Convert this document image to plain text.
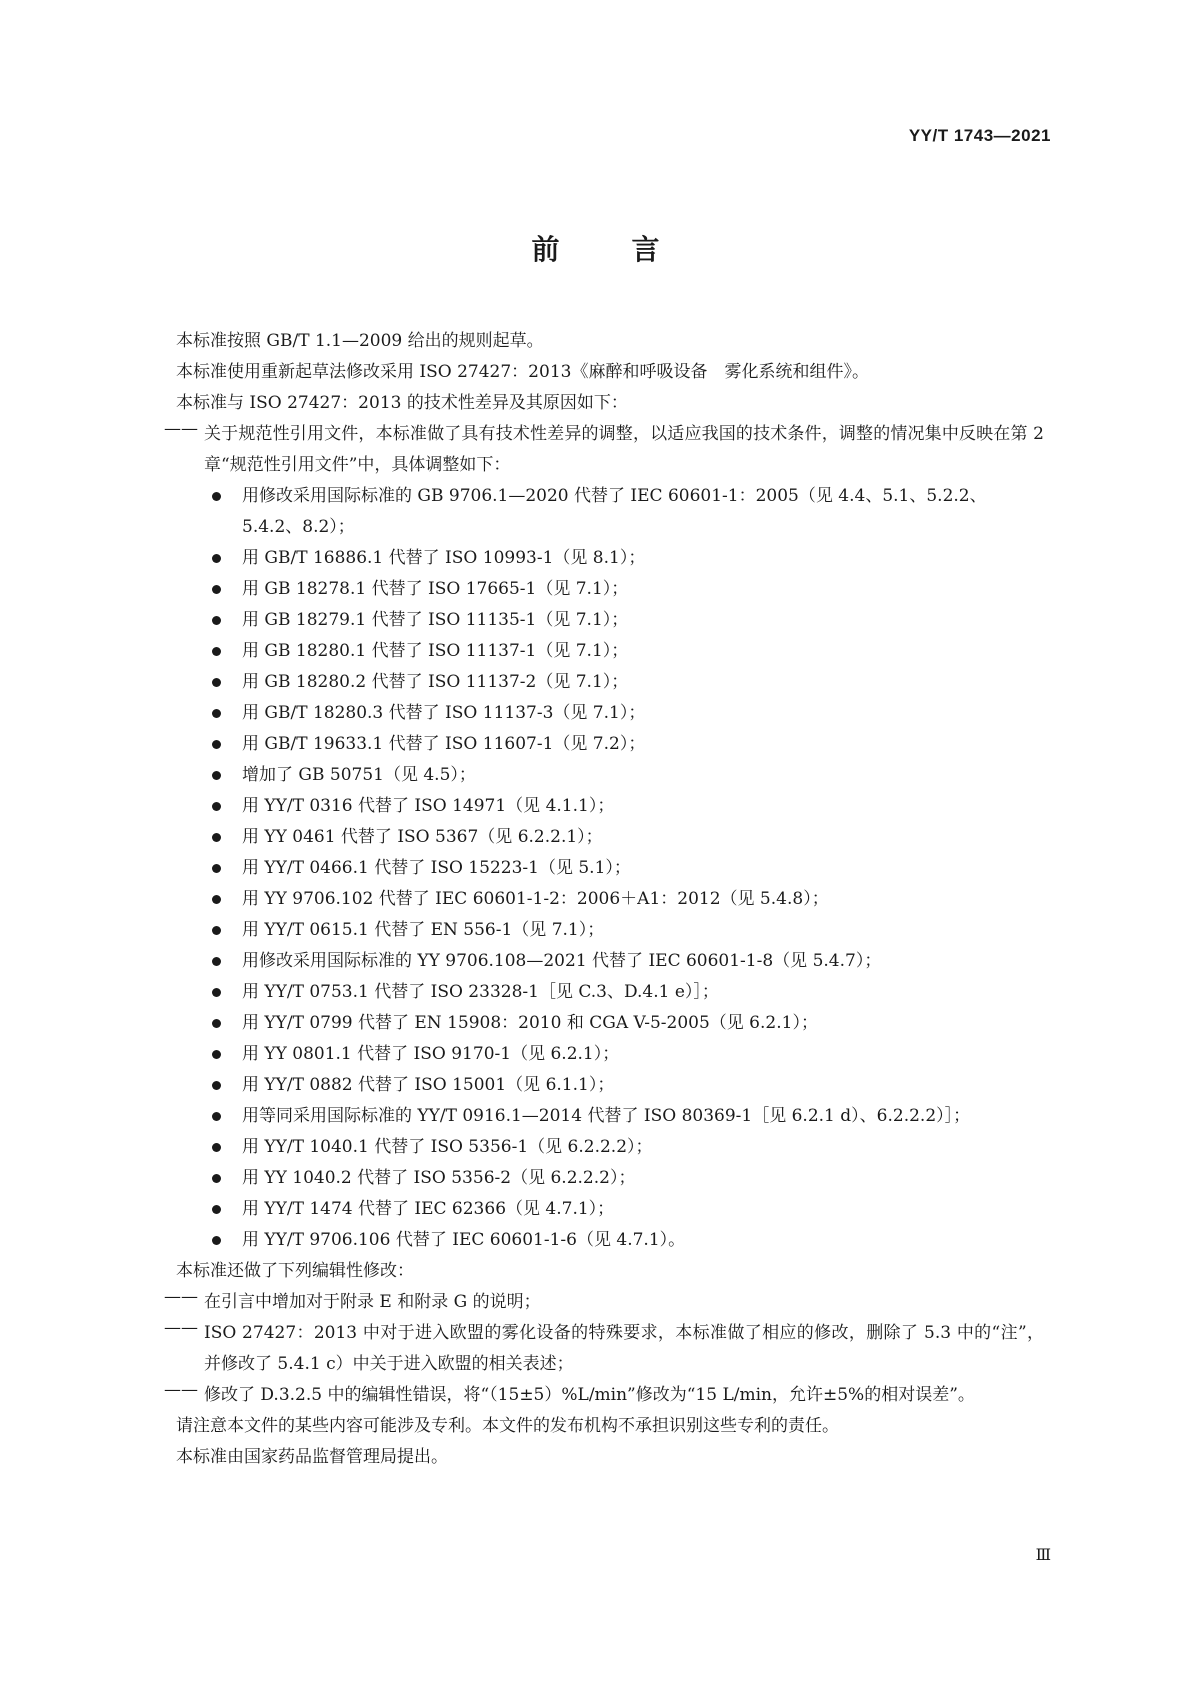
YY/T 1743—2021
前	言
本标准按照 GB/T 1.1—2009 给出的规则起草。
本标准使用重新起草法修改采用 ISO 27427：2013《麻醉和呼吸设备　雾化系统和组件》。
本标准与 ISO 27427：2013 的技术性差异及其原因如下：
—— 关于规范性引用文件，本标准做了具有技术性差异的调整，以适应我国的技术条件，调整的情况集中反映在第 2 章“规范性引用文件”中，具体调整如下：
用修改采用国际标准的 GB 9706.1—2020 代替了 IEC 60601-1：2005（见 4.4、5.1、5.2.2、5.4.2、8.2）；
用 GB/T 16886.1 代替了 ISO 10993-1（见 8.1）；
用 GB 18278.1 代替了 ISO 17665-1（见 7.1）；
用 GB 18279.1 代替了 ISO 11135-1（见 7.1）；
用 GB 18280.1 代替了 ISO 11137-1（见 7.1）；
用 GB 18280.2 代替了 ISO 11137-2（见 7.1）；
用 GB/T 18280.3 代替了 ISO 11137-3（见 7.1）；
用 GB/T 19633.1 代替了 ISO 11607-1（见 7.2）；
增加了 GB 50751（见 4.5）；
用 YY/T 0316 代替了 ISO 14971（见 4.1.1）；
用 YY 0461 代替了 ISO 5367（见 6.2.2.1）；
用 YY/T 0466.1 代替了 ISO 15223-1（见 5.1）；
用 YY 9706.102 代替了 IEC 60601-1-2：2006＋A1：2012（见 5.4.8）；
用 YY/T 0615.1 代替了 EN 556-1（见 7.1）；
用修改采用国际标准的 YY 9706.108—2021 代替了 IEC 60601-1-8（见 5.4.7）；
用 YY/T 0753.1 代替了 ISO 23328-1［见 C.3、D.4.1 e）］；
用 YY/T 0799 代替了 EN 15908：2010 和 CGA V-5-2005（见 6.2.1）；
用 YY 0801.1 代替了 ISO 9170-1（见 6.2.1）；
用 YY/T 0882 代替了 ISO 15001（见 6.1.1）；
用等同采用国际标准的 YY/T 0916.1—2014 代替了 ISO 80369-1［见 6.2.1 d）、6.2.2.2）］；
用 YY/T 1040.1 代替了 ISO 5356-1（见 6.2.2.2）；
用 YY 1040.2 代替了 ISO 5356-2（见 6.2.2.2）；
用 YY/T 1474 代替了 IEC 62366（见 4.7.1）；
用 YY/T 9706.106 代替了 IEC 60601-1-6（见 4.7.1）。
本标准还做了下列编辑性修改：
—— 在引言中增加对于附录 E 和附录 G 的说明；
—— ISO 27427：2013 中对于进入欧盟的雾化设备的特殊要求，本标准做了相应的修改，删除了 5.3 中的“注”，并修改了 5.4.1 c）中关于进入欧盟的相关表述；
—— 修改了 D.3.2.5 中的编辑性错误，将“（15±5）%L/min”修改为“15 L/min，允许±5%的相对误差”。
请注意本文件的某些内容可能涉及专利。本文件的发布机构不承担识别这些专利的责任。
本标准由国家药品监督管理局提出。
Ⅲ
